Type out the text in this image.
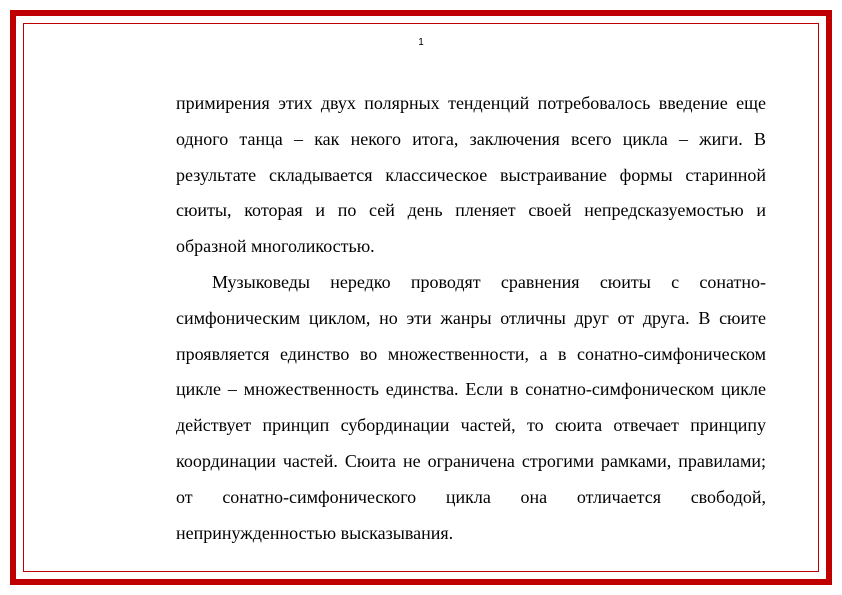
1

примирения этих двух полярных тенденций потребовалось введение еще одного танца – как некого итога, заключения всего цикла – жиги. В результате складывается классическое выстраивание формы старинной сюиты, которая и по сей день пленяет своей непредсказуемостью и образной многоликостью.

Музыковеды нередко проводят сравнения сюиты с сонатно-симфоническим циклом, но эти жанры отличны друг от друга. В сюите проявляется единство во множественности, а в сонатно-симфоническом цикле – множественность единства. Если в сонатно-симфоническом цикле действует принцип субординации частей, то сюита отвечает принципу координации частей. Сюита не ограничена строгими рамками, правилами; от сонатно-симфонического цикла она отличается свободой, непринужденностью высказывания.
